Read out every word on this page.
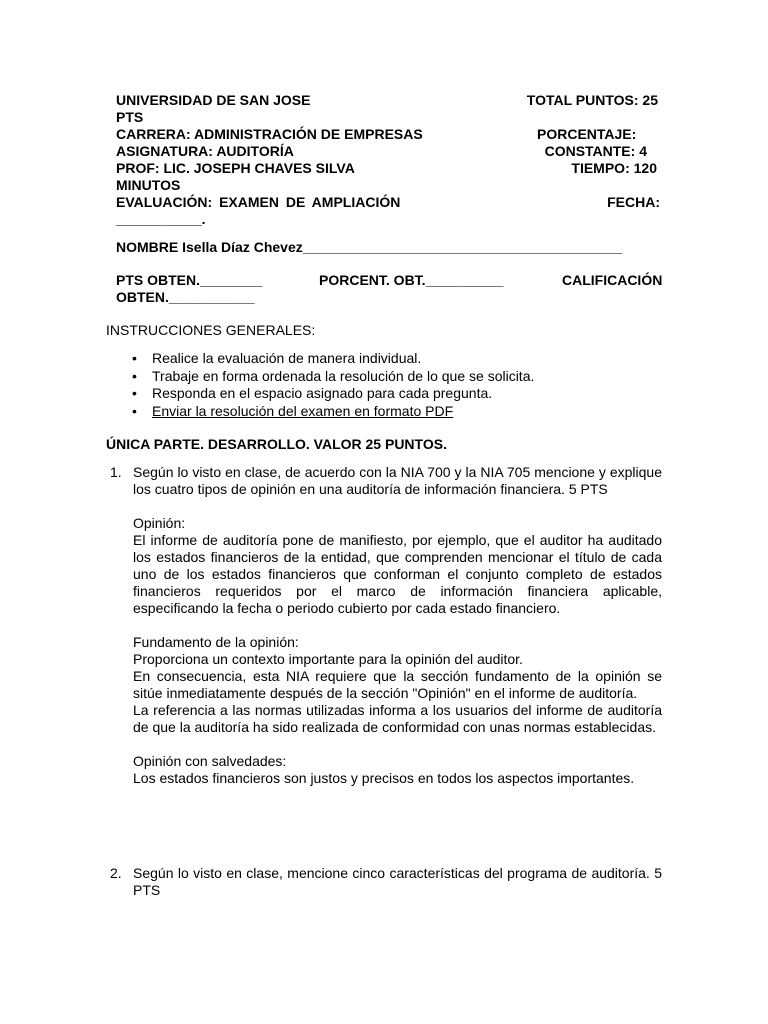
UNIVERSIDAD DE SAN JOSE	TOTAL PUNTOS: 25
PTS
CARRERA: ADMINISTRACIÓN DE EMPRESAS	PORCENTAJE:
ASIGNATURA: AUDITORÍA	CONSTANTE: 4
PROF: LIC. JOSEPH CHAVES SILVA	TIEMPO: 120
MINUTOS
EVALUACIÓN: EXAMEN DE AMPLIACIÓN	FECHA:
___________.
NOMBRE Isella Díaz Chevez_________________________________________
PTS OBTEN.________	PORCENT. OBT.__________	CALIFICACIÓN
OBTEN.___________
INSTRUCCIONES GENERALES:
• Realice la evaluación de manera individual.
• Trabaje en forma ordenada la resolución de lo que se solicita.
• Responda en el espacio asignado para cada pregunta.
• Enviar la resolución del examen en formato PDF
ÚNICA PARTE. DESARROLLO. VALOR 25 PUNTOS.
1. Según lo visto en clase, de acuerdo con la NIA 700 y la NIA 705 mencione y explique los cuatro tipos de opinión en una auditoría de información financiera. 5 PTS

Opinión:

El informe de auditoría pone de manifiesto, por ejemplo, que el auditor ha auditado los estados financieros de la entidad, que comprenden mencionar el título de cada uno de los estados financieros que conforman el conjunto completo de estados financieros requeridos por el marco de información financiera aplicable, especificando la fecha o periodo cubierto por cada estado financiero.

Fundamento de la opinión:

Proporciona un contexto importante para la opinión del auditor.

En consecuencia, esta NIA requiere que la sección fundamento de la opinión se sitúe inmediatamente después de la sección "Opinión" en el informe de auditoría.

La referencia a las normas utilizadas informa a los usuarios del informe de auditoría de que la auditoría ha sido realizada de conformidad con unas normas establecidas.

Opinión con salvedades:

Los estados financieros son justos y precisos en todos los aspectos importantes.

2. Según lo visto en clase, mencione cinco características del programa de auditoría. 5 PTS
